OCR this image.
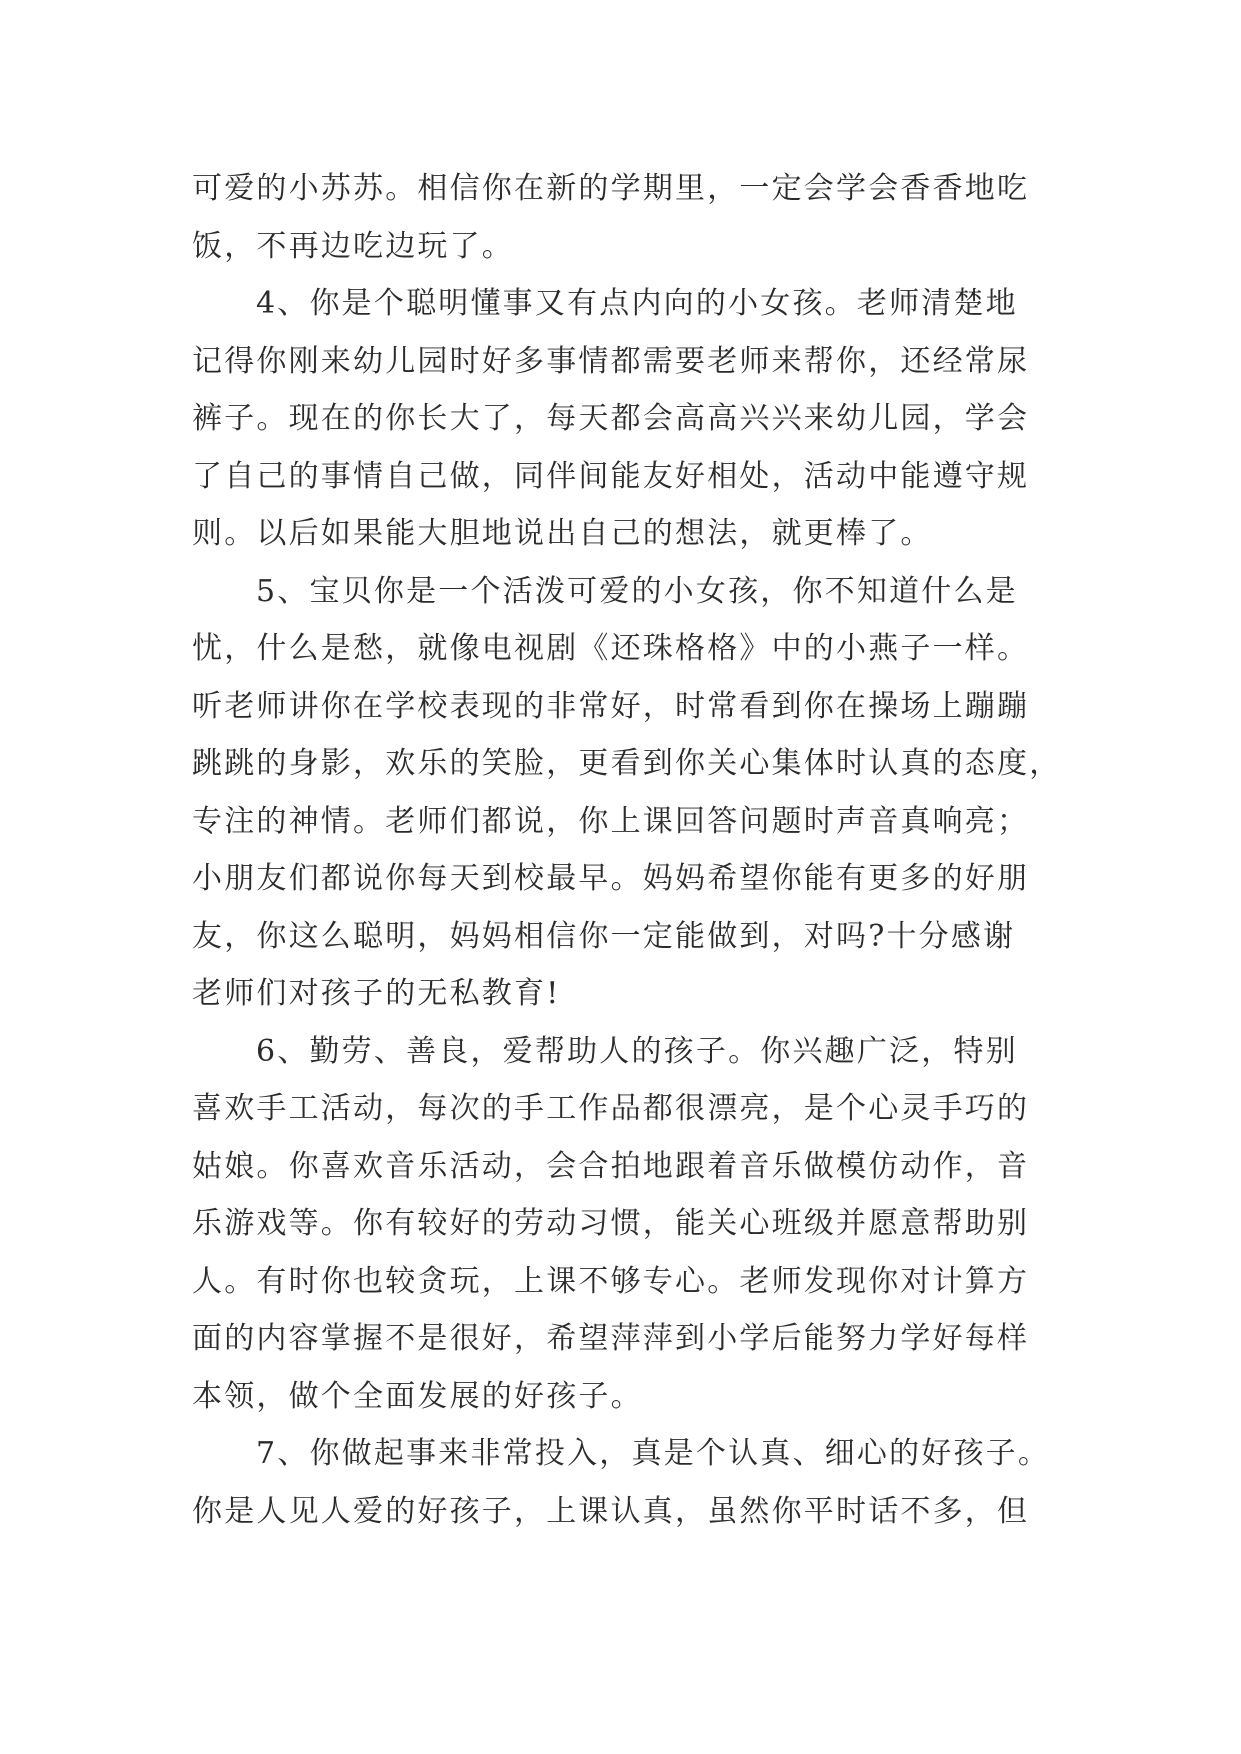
可爱的小苏苏。相信你在新的学期里，一定会学会香香地吃
饭，不再边吃边玩了。
4、你是个聪明懂事又有点内向的小女孩。老师清楚地
记得你刚来幼儿园时好多事情都需要老师来帮你，还经常尿
裤子。现在的你长大了，每天都会高高兴兴来幼儿园，学会
了自己的事情自己做，同伴间能友好相处，活动中能遵守规
则。以后如果能大胆地说出自己的想法，就更棒了。
5、宝贝你是一个活泼可爱的小女孩，你不知道什么是
忧，什么是愁，就像电视剧《还珠格格》中的小燕子一样。
听老师讲你在学校表现的非常好，时常看到你在操场上蹦蹦
跳跳的身影，欢乐的笑脸，更看到你关心集体时认真的态度，
专注的神情。老师们都说，你上课回答问题时声音真响亮；
小朋友们都说你每天到校最早。妈妈希望你能有更多的好朋
友，你这么聪明，妈妈相信你一定能做到，对吗?十分感谢
老师们对孩子的无私教育!
6、勤劳、善良，爱帮助人的孩子。你兴趣广泛，特别
喜欢手工活动，每次的手工作品都很漂亮，是个心灵手巧的
姑娘。你喜欢音乐活动，会合拍地跟着音乐做模仿动作，音
乐游戏等。你有较好的劳动习惯，能关心班级并愿意帮助别
人。有时你也较贪玩，上课不够专心。老师发现你对计算方
面的内容掌握不是很好，希望萍萍到小学后能努力学好每样
本领，做个全面发展的好孩子。
7、你做起事来非常投入，真是个认真、细心的好孩子。
你是人见人爱的好孩子，上课认真，虽然你平时话不多，但
